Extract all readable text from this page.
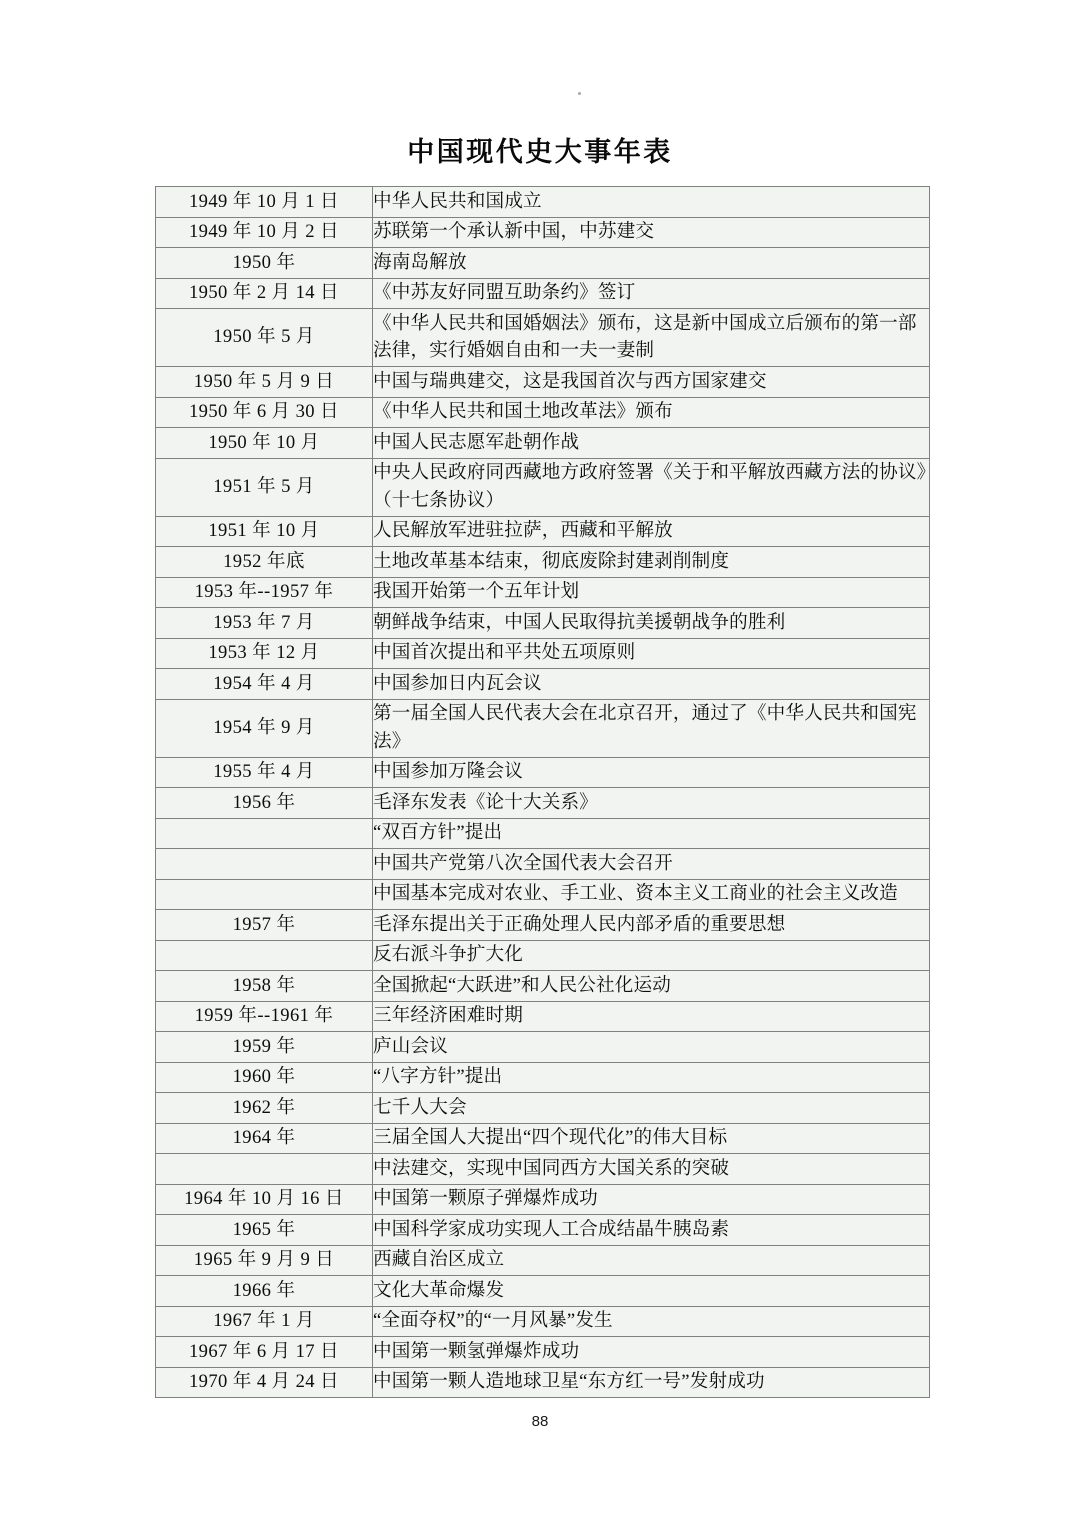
中国现代史大事年表
1949 年 10 月 1 日	中华人民共和国成立
1949 年 10 月 2 日	苏联第一个承认新中国，中苏建交
1950 年	海南岛解放
1950 年 2 月 14 日	《中苏友好同盟互助条约》签订
1950 年 5 月	《中华人民共和国婚姻法》颁布，这是新中国成立后颁布的第一部法律，实行婚姻自由和一夫一妻制
1950 年 5 月 9 日	中国与瑞典建交，这是我国首次与西方国家建交
1950 年 6 月 30 日	《中华人民共和国土地改革法》颁布
1950 年 10 月	中国人民志愿军赴朝作战
1951 年 5 月	中央人民政府同西藏地方政府签署《关于和平解放西藏方法的协议》（十七条协议）
1951 年 10 月	人民解放军进驻拉萨，西藏和平解放
1952 年底	土地改革基本结束，彻底废除封建剥削制度
1953 年--1957 年	我国开始第一个五年计划
1953 年 7 月	朝鲜战争结束，中国人民取得抗美援朝战争的胜利
1953 年 12 月	中国首次提出和平共处五项原则
1954 年 4 月	中国参加日内瓦会议
1954 年 9 月	第一届全国人民代表大会在北京召开，通过了《中华人民共和国宪法》
1955 年 4 月	中国参加万隆会议
1956 年	毛泽东发表《论十大关系》
	“双百方针”提出
	中国共产党第八次全国代表大会召开
	中国基本完成对农业、手工业、资本主义工商业的社会主义改造
1957 年	毛泽东提出关于正确处理人民内部矛盾的重要思想
	反右派斗争扩大化
1958 年	全国掀起“大跃进”和人民公社化运动
1959 年--1961 年	三年经济困难时期
1959 年	庐山会议
1960 年	“八字方针”提出
1962 年	七千人大会
1964 年	三届全国人大提出“四个现代化”的伟大目标
	中法建交，实现中国同西方大国关系的突破
1964 年 10 月 16 日	中国第一颗原子弹爆炸成功
1965 年	中国科学家成功实现人工合成结晶牛胰岛素
1965 年 9 月 9 日	西藏自治区成立
1966 年	文化大革命爆发
1967 年 1 月	“全面夺权”的“一月风暴”发生
1967 年 6 月 17 日	中国第一颗氢弹爆炸成功
1970 年 4 月 24 日	中国第一颗人造地球卫星“东方红一号”发射成功
88
